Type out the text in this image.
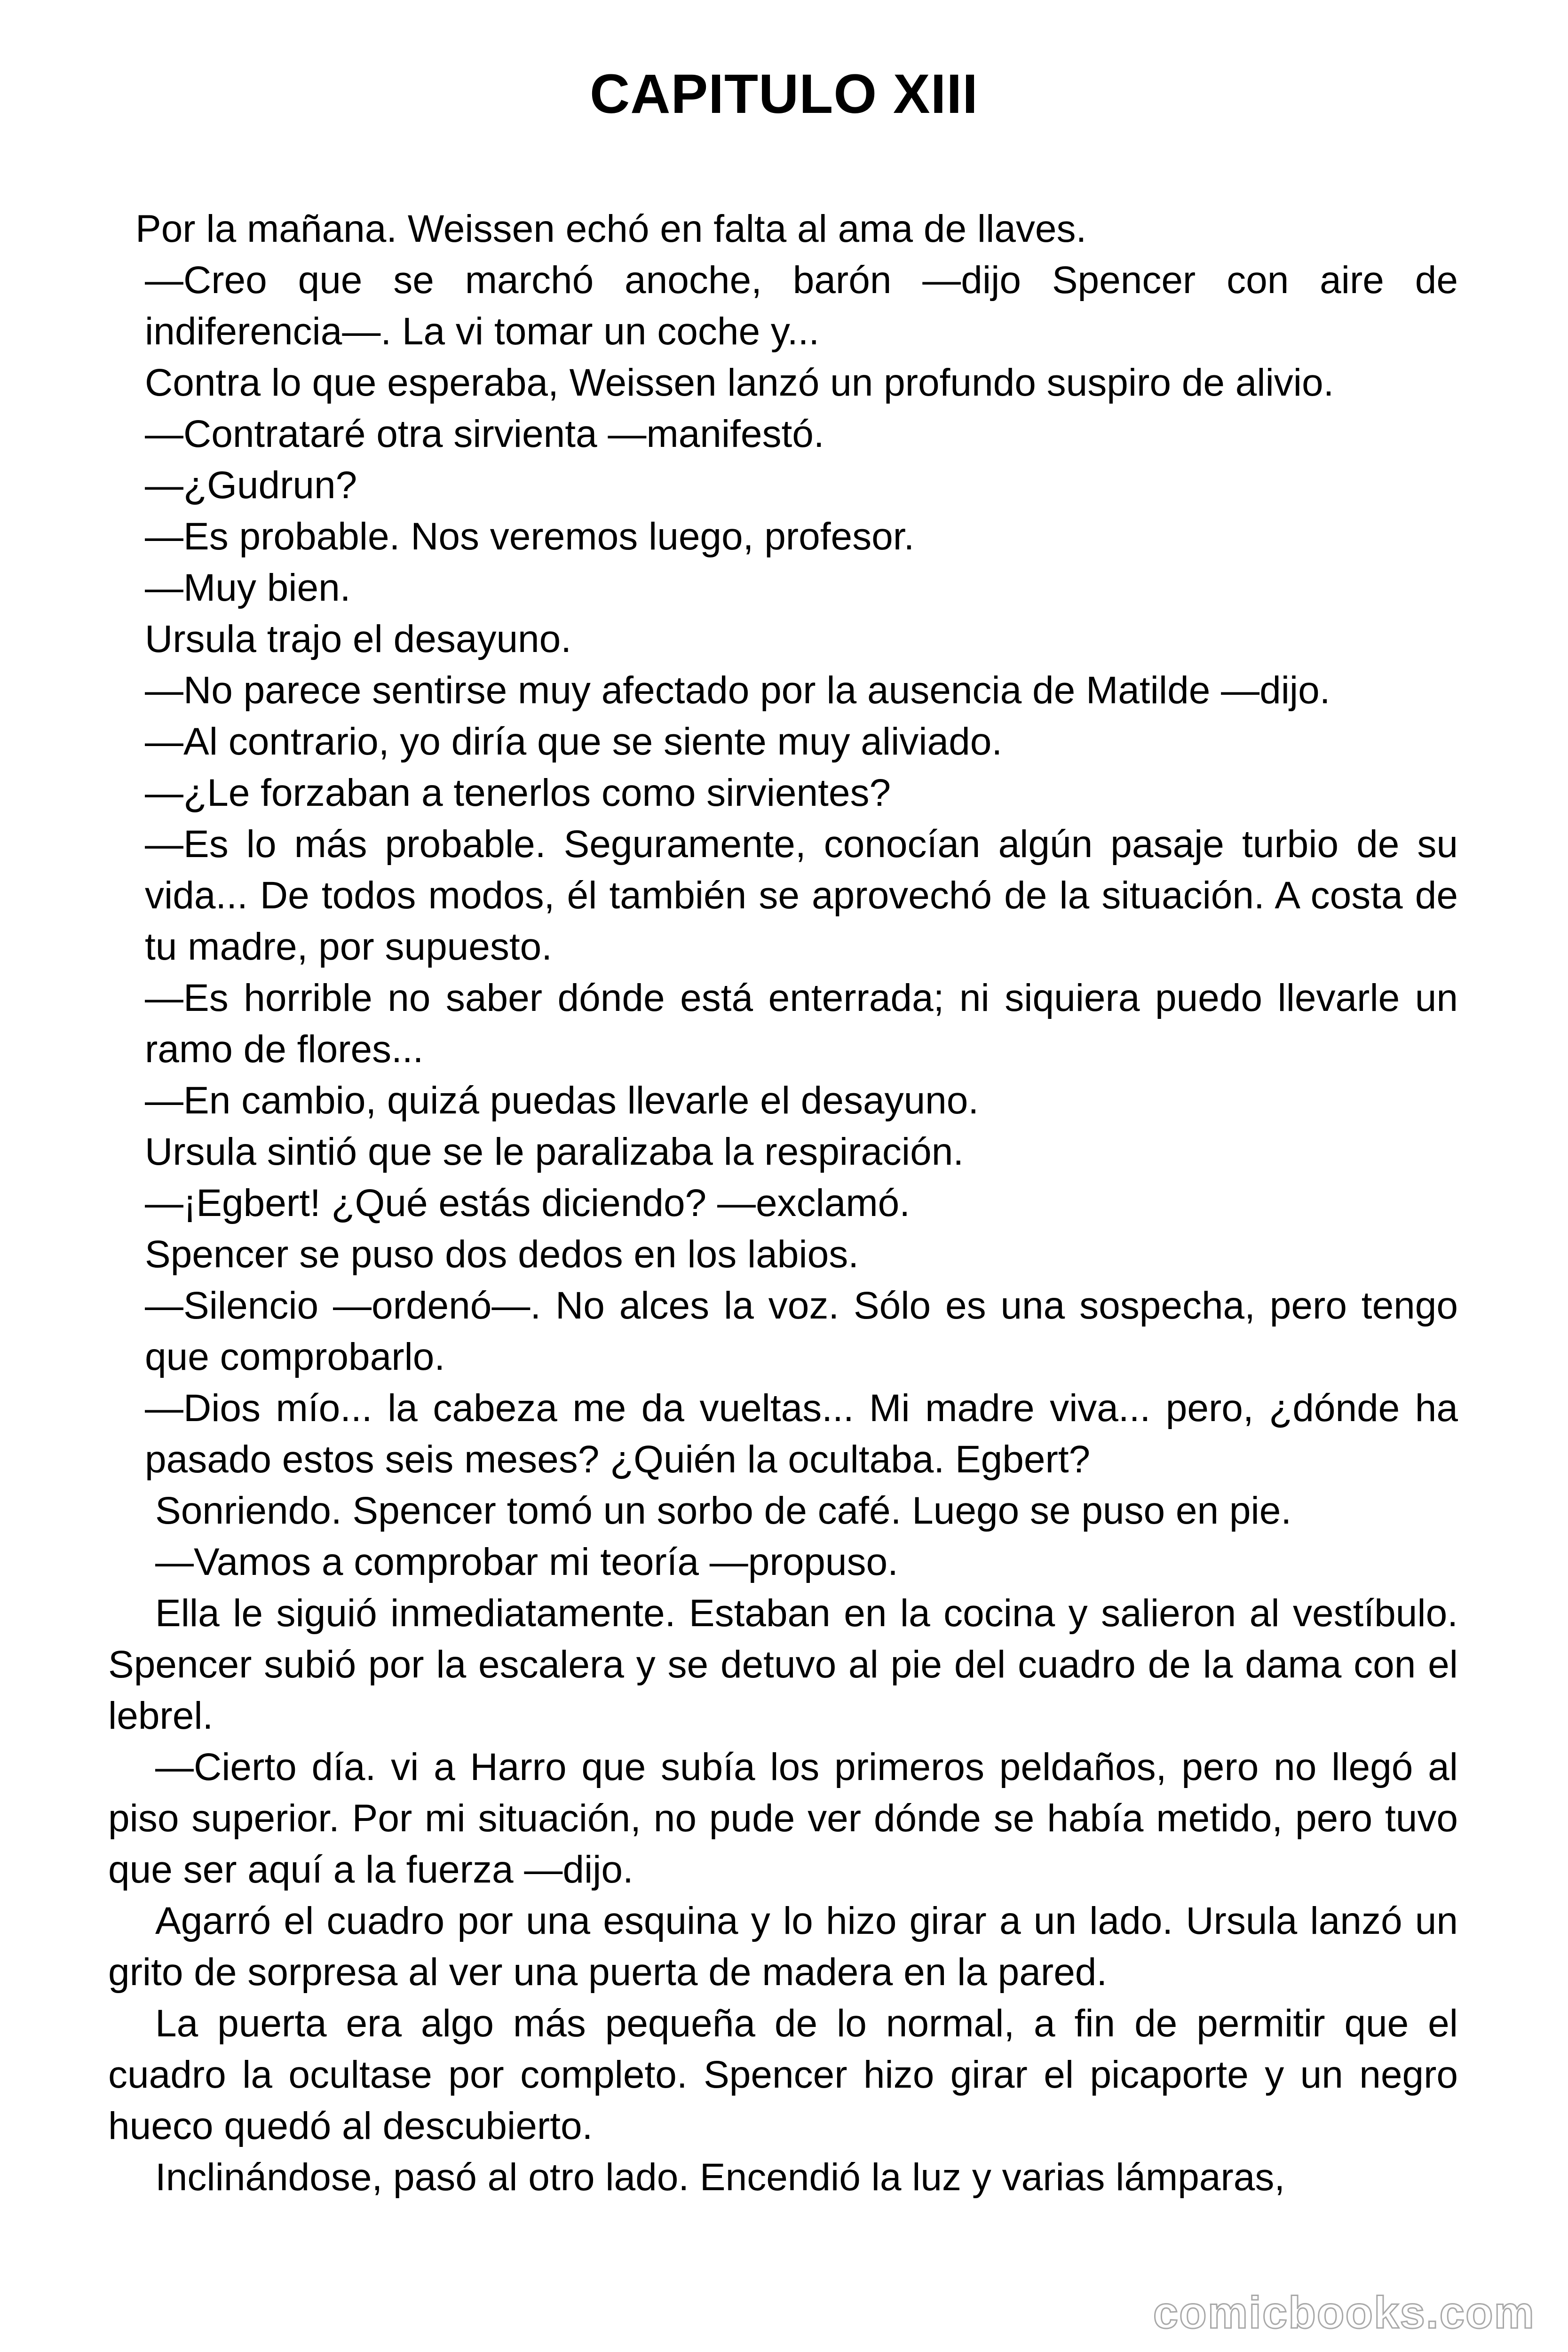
CAPITULO XIII

Por la mañana. Weissen echó en falta al ama de llaves.

—Creo que se marchó anoche, barón —dijo Spencer con aire de indiferencia—. La vi tomar un coche y...

Contra lo que esperaba, Weissen lanzó un profundo suspiro de alivio.

—Contrataré otra sirvienta —manifestó.

—¿Gudrun?

—Es probable. Nos veremos luego, profesor.

—Muy bien.

Ursula trajo el desayuno.

—No parece sentirse muy afectado por la ausencia de Matilde —dijo.

—Al contrario, yo diría que se siente muy aliviado.

—¿Le forzaban a tenerlos como sirvientes?

—Es lo más probable. Seguramente, conocían algún pasaje turbio de su vida... De todos modos, él también se aprovechó de la situación. A costa de tu madre, por supuesto.

—Es horrible no saber dónde está enterrada; ni siquiera puedo llevarle un ramo de flores...

—En cambio, quizá puedas llevarle el desayuno.

Ursula sintió que se le paralizaba la respiración.

—¡Egbert! ¿Qué estás diciendo? —exclamó.

Spencer se puso dos dedos en los labios.

—Silencio —ordenó—. No alces la voz. Sólo es una sospecha, pero tengo que comprobarlo.

—Dios mío... la cabeza me da vueltas... Mi madre viva... pero, ¿dónde ha pasado estos seis meses? ¿Quién la ocultaba. Egbert?

Sonriendo. Spencer tomó un sorbo de café. Luego se puso en pie.

—Vamos a comprobar mi teoría —propuso.

Ella le siguió inmediatamente. Estaban en la cocina y salieron al vestíbulo. Spencer subió por la escalera y se detuvo al pie del cuadro de la dama con el lebrel.

—Cierto día. vi a Harro que subía los primeros peldaños, pero no llegó al piso superior. Por mi situación, no pude ver dónde se había metido, pero tuvo que ser aquí a la fuerza —dijo.

Agarró el cuadro por una esquina y lo hizo girar a un lado. Ursula lanzó un grito de sorpresa al ver una puerta de madera en la pared.

La puerta era algo más pequeña de lo normal, a fin de permitir que el cuadro la ocultase por completo. Spencer hizo girar el picaporte y un negro hueco quedó al descubierto.

Inclinándose, pasó al otro lado. Encendió la luz y varias lámparas,

comicbooks.com
